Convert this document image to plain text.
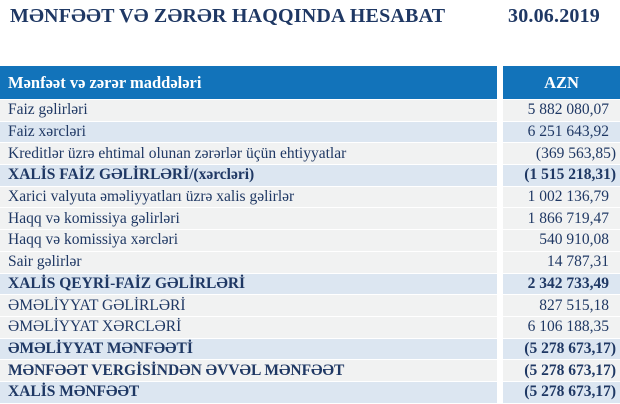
MƏNFƏƏT VƏ ZƏRƏR HAQQINDA HESABAT	30.06.2019
Mənfəət və zərər maddələri	AZN
Faiz gəlirləri	5 882 080,07
Faiz xərcləri	6 251 643,92
Kreditlər üzrə ehtimal olunan zərərlər üçün ehtiyyatlar	(369 563,85)
XALİS FAİZ GƏLİRLƏRİ/(xərcləri)	(1 515 218,31)
Xarici valyuta əməliyyatları üzrə xalis gəlirlər	1 002 136,79
Haqq və komissiya gəlirləri	1 866 719,47
Haqq və komissiya xərcləri	540 910,08
Sair gəlirlər	14 787,31
XALİS QEYRİ-FAİZ GƏLİRLƏRİ	2 342 733,49
ƏMƏLİYYAT GƏLİRLƏRİ	827 515,18
ƏMƏLİYYAT XƏRCLƏRİ	6 106 188,35
ƏMƏLİYYAT MƏNFƏƏTİ	(5 278 673,17)
MƏNFƏƏT VERGİSİNDƏN ƏVVƏL MƏNFƏƏT	(5 278 673,17)
XALİS MƏNFƏƏT	(5 278 673,17)
